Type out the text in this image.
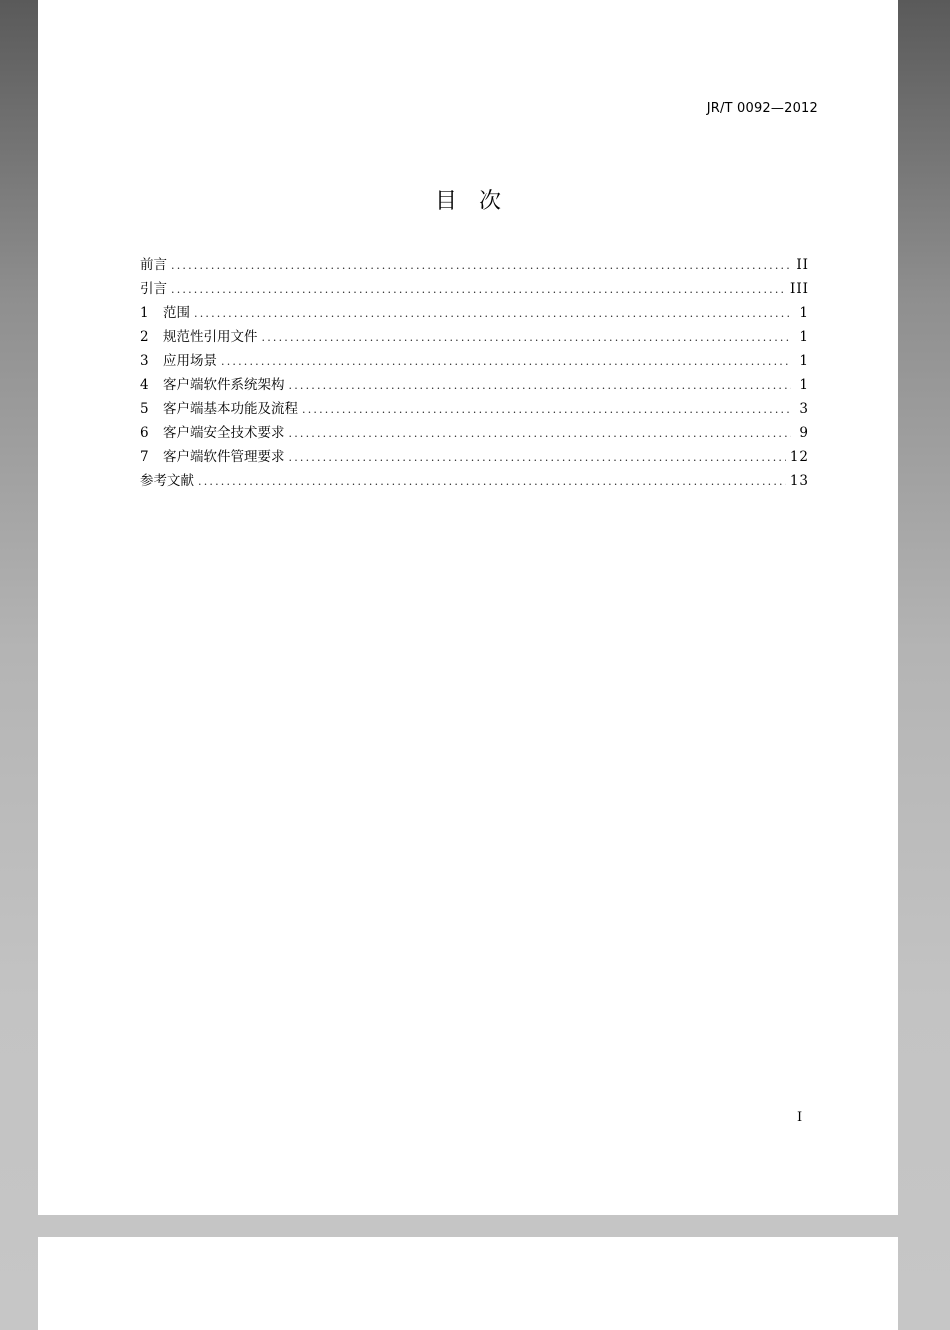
JR/T 0092—2012
目次
前言 .....	II
引言 .....	III
1	范围 .....	1
2	规范性引用文件 .....	1
3	应用场景 .....	1
4	客户端软件系统架构 .....	1
5	客户端基本功能及流程 .....	3
6	客户端安全技术要求 .....	9
7	客户端软件管理要求 .....	12
参考文献 .....	13
I
